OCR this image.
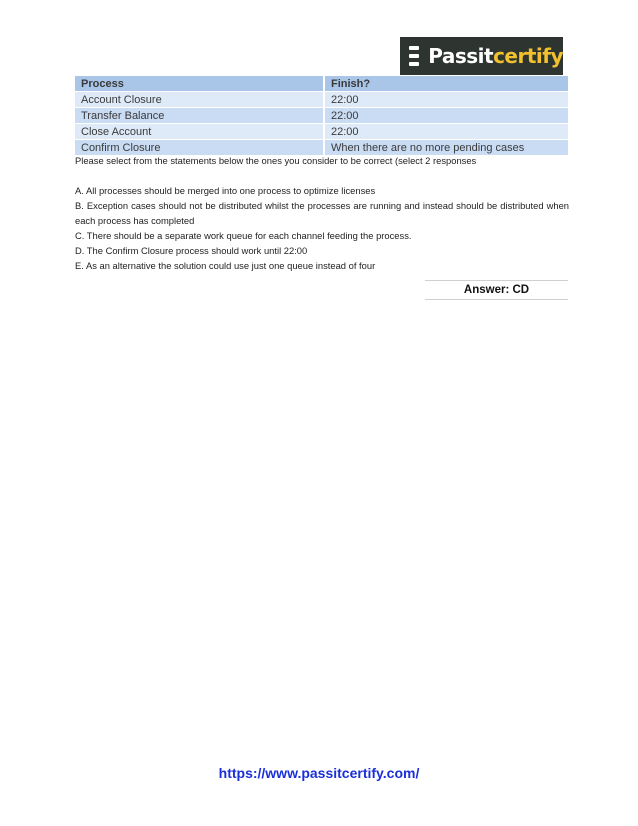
Passitcertify
Process	Finish?
Account Closure	22:00
Transfer Balance	22:00
Close Account	22:00
Confirm Closure	When there are no more pending cases
Please select from the statements below the ones you consider to be correct (select 2 responses

A. All processes should be merged into one process to optimize licenses

B. Exception cases should not be distributed whilst the processes are running and instead should be distributed when each process has completed

C. There should be a separate work queue for each channel feeding the process.

D. The Confirm Closure process should work until 22:00

E. As an alternative the solution could use just one queue instead of four

Answer: CD
https://www.passitcertify.com/
